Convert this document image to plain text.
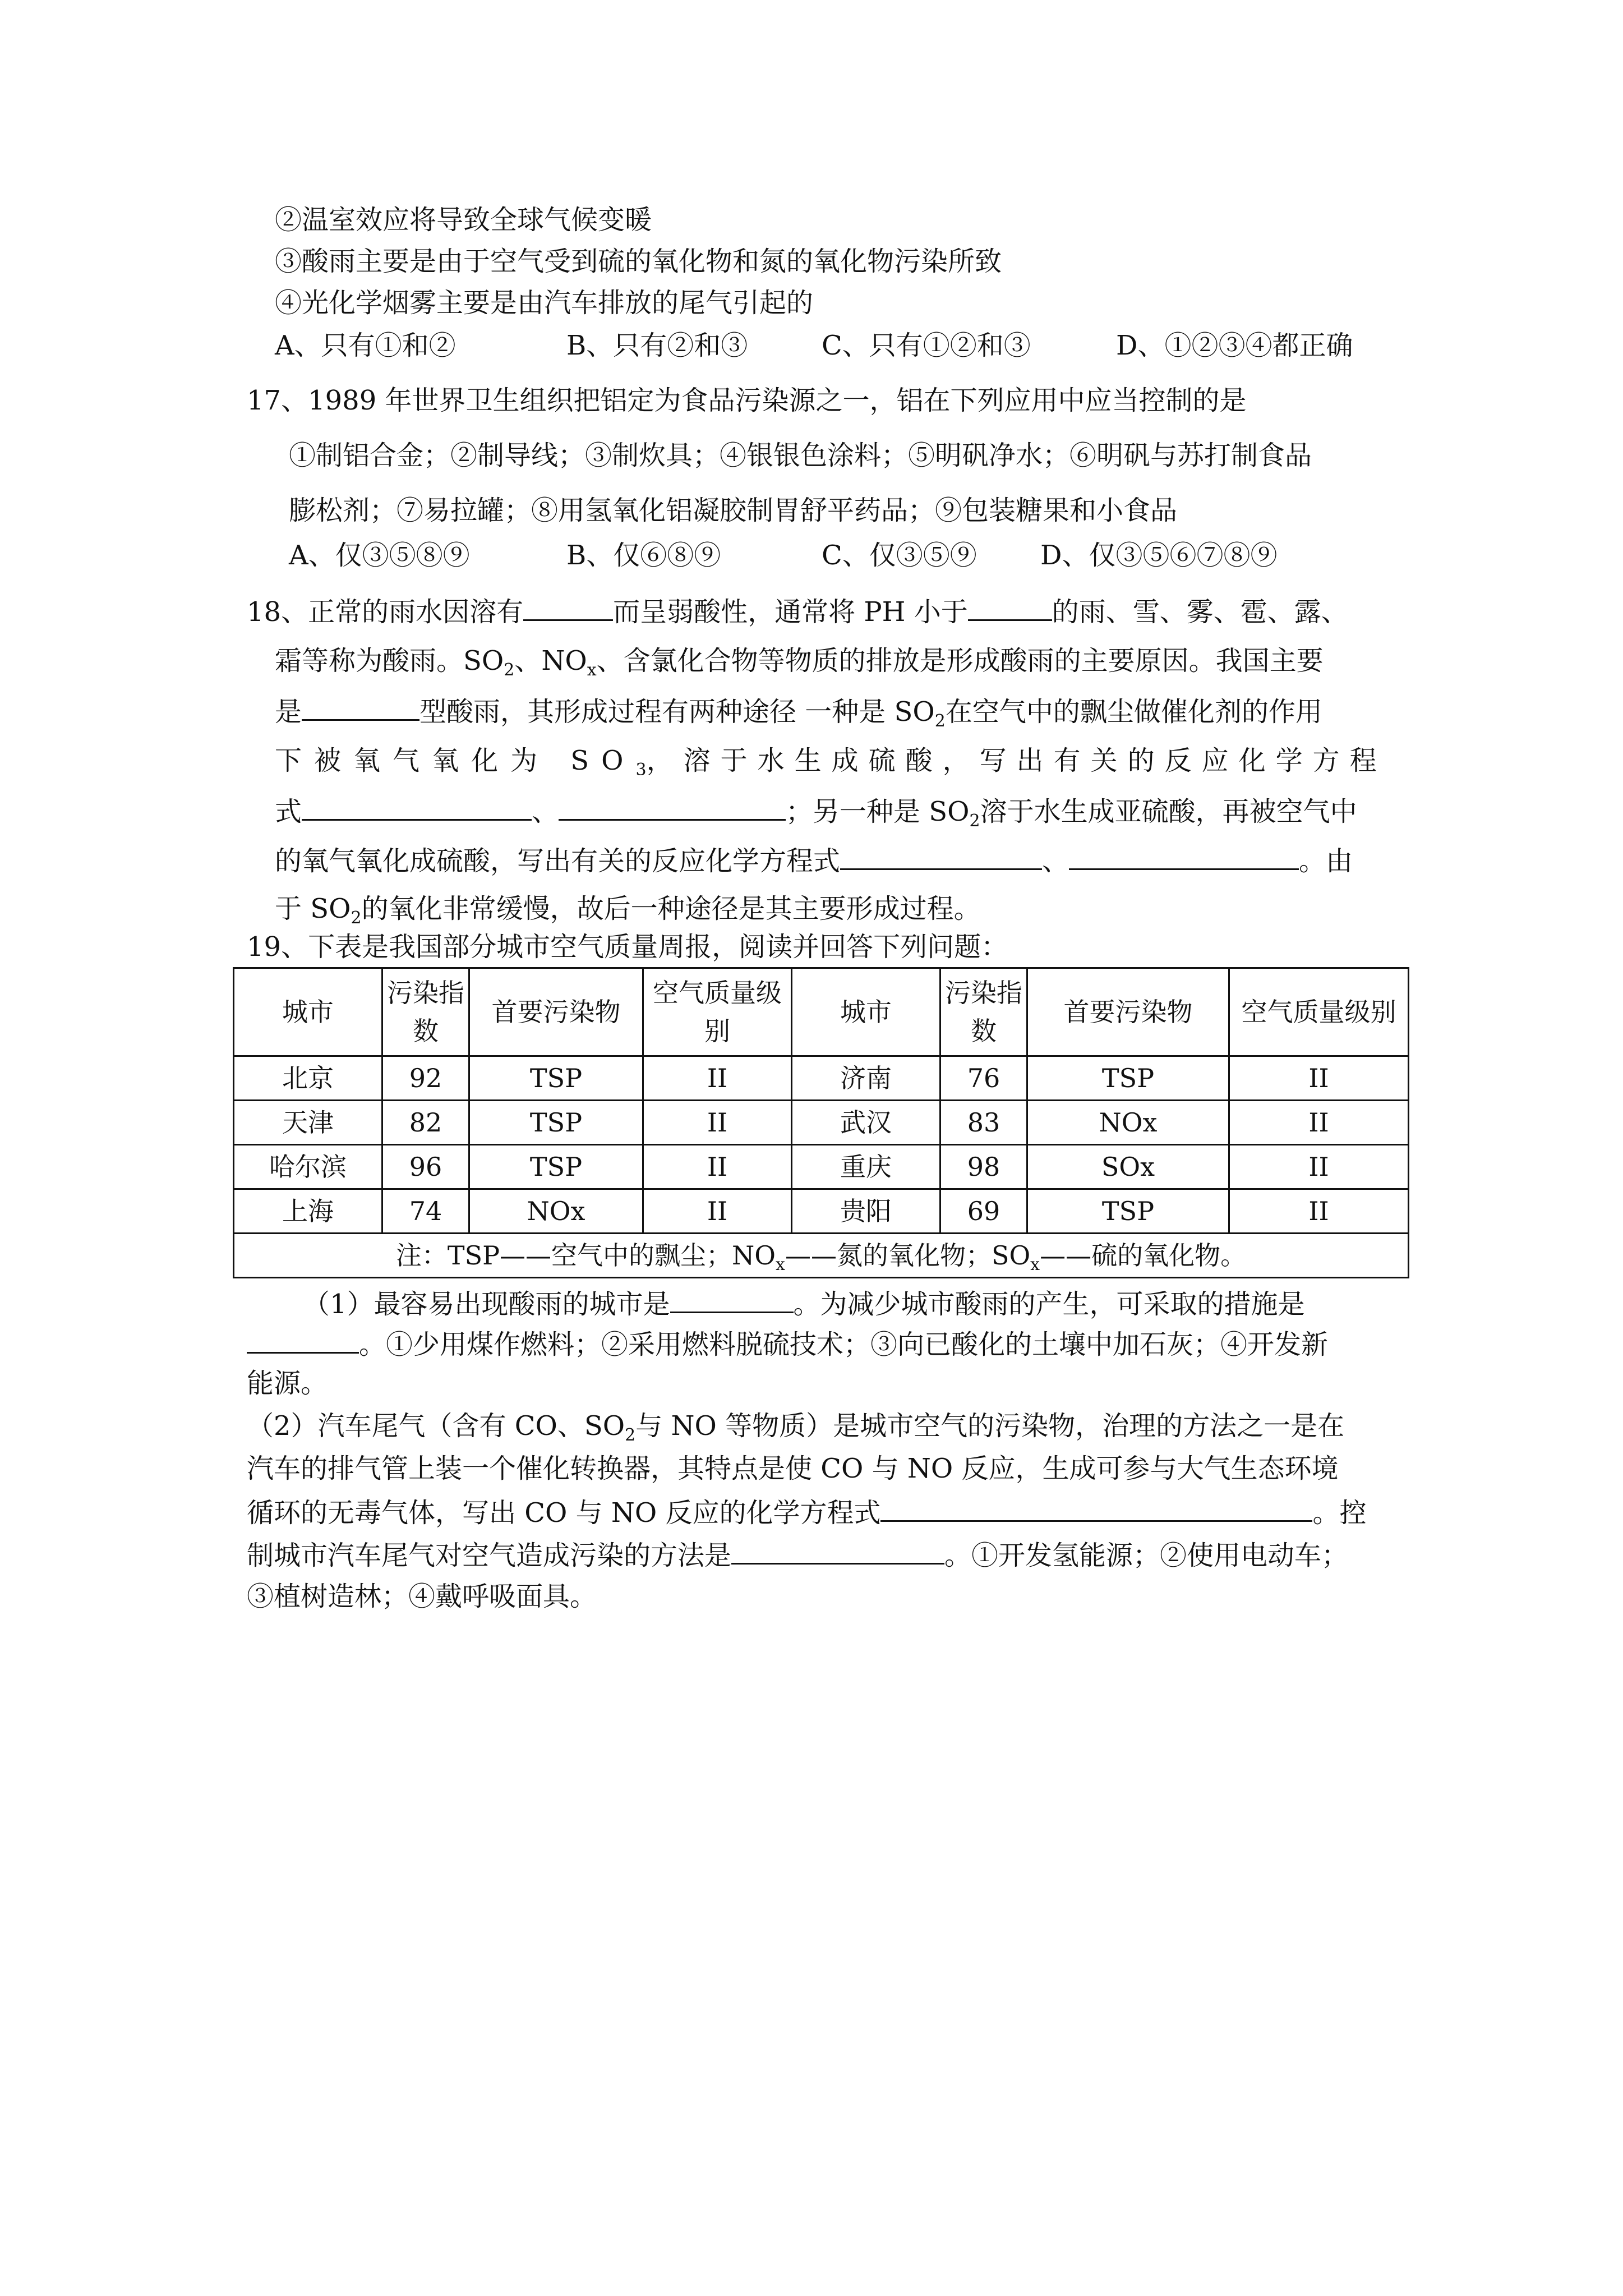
②温室效应将导致全球气候变暖
③酸雨主要是由于空气受到硫的氧化物和氮的氧化物污染所致
④光化学烟雾主要是由汽车排放的尾气引起的
A、只有①和②	B、只有②和③	C、只有①②和③	D、①②③④都正确
17、1989 年世界卫生组织把铝定为食品污染源之一，铝在下列应用中应当控制的是
①制铝合金；②制导线；③制炊具；④银银色涂料；⑤明矾净水；⑥明矾与苏打制食品
膨松剂；⑦易拉罐；⑧用氢氧化铝凝胶制胃舒平药品；⑨包装糖果和小食品
A、仅③⑤⑧⑨	B、仅⑥⑧⑨	C、仅③⑤⑨ D、仅③⑤⑥⑦⑧⑨
18、正常的雨水因溶有	而呈弱酸性，通常将 PH 小于	的雨、雪、雾、雹、露、
霜等称为酸雨。$SO_2$、$NO_x$、含氯化合物等物质的排放是形成酸雨的主要原因。我国主要
是	型酸雨，其形成过程有两种途径 一种是 $SO_2$在空气中的飘尘做催化剂的作用
下被氧气氧化为 $SO_3$，溶于水生成硫酸，写出有关的反应化学方程
式	、	；另一种是 $SO_2$溶于水生成亚硫酸，再被空气中
的氧气氧化成硫酸，写出有关的反应化学方程式	、	。由
于 $SO_2$的氧化非常缓慢，故后一种途径是其主要形成过程。
19、下表是我国部分城市空气质量周报，阅读并回答下列问题：
城市	污染指数	首要污染物	空气质量级别	城市	污染指数	首要污染物	空气质量级别
北京	92	TSP	II	济南	76	TSP	II
天津	82	TSP	II	武汉	83	NOx	II
哈尔滨	96	TSP	II	重庆	98	SOx	II
上海	74	NOx	II	贵阳	69	TSP	II
注：TSP——空气中的飘尘；$NO_x——$氮的氧化物；$SO_x——$硫的氧化物。							
（1）最容易出现酸雨的城市是	。为减少城市酸雨的产生，可采取的措施是
。①少用煤作燃料；②采用燃料脱硫技术；③向已酸化的土壤中加石灰；④开发新
能源。
（2）汽车尾气（含有 CO、$SO_2$与 NO 等物质）是城市空气的污染物，治理的方法之一是在
汽车的排气管上装一个催化转换器，其特点是使 CO 与 NO 反应，生成可参与大气生态环境
循环的无毒气体，写出 CO 与 NO 反应的化学方程式	。控
制城市汽车尾气对空气造成污染的方法是	。①开发氢能源；②使用电动车；
③植树造林；④戴呼吸面具。
